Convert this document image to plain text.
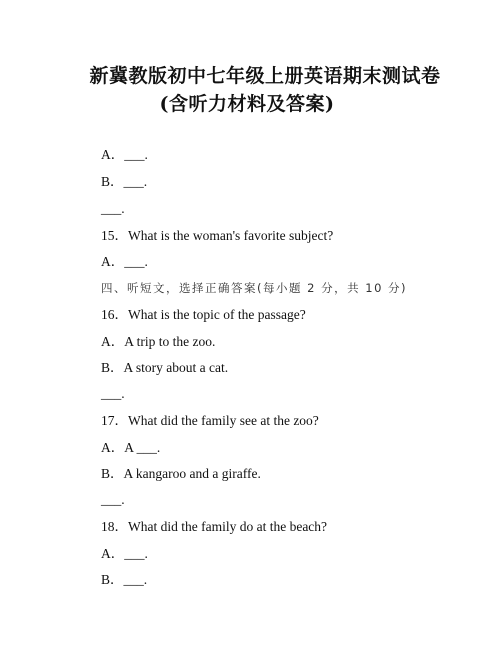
新冀教版初中七年级上册英语期末测试卷
(含听力材料及答案)
A．___.
B．___.
___.
15．What is the woman's favorite subject?
A．___.
四、听短文，选择正确答案(每小题 2 分，共 10 分)
16．What is the topic of the passage?
A．A trip to the zoo.
B．A story about a cat.
___.
17．What did the family see at the zoo?
A．A ___.
B．A kangaroo and a giraffe.
___.
18．What did the family do at the beach?
A．___.
B．___.
